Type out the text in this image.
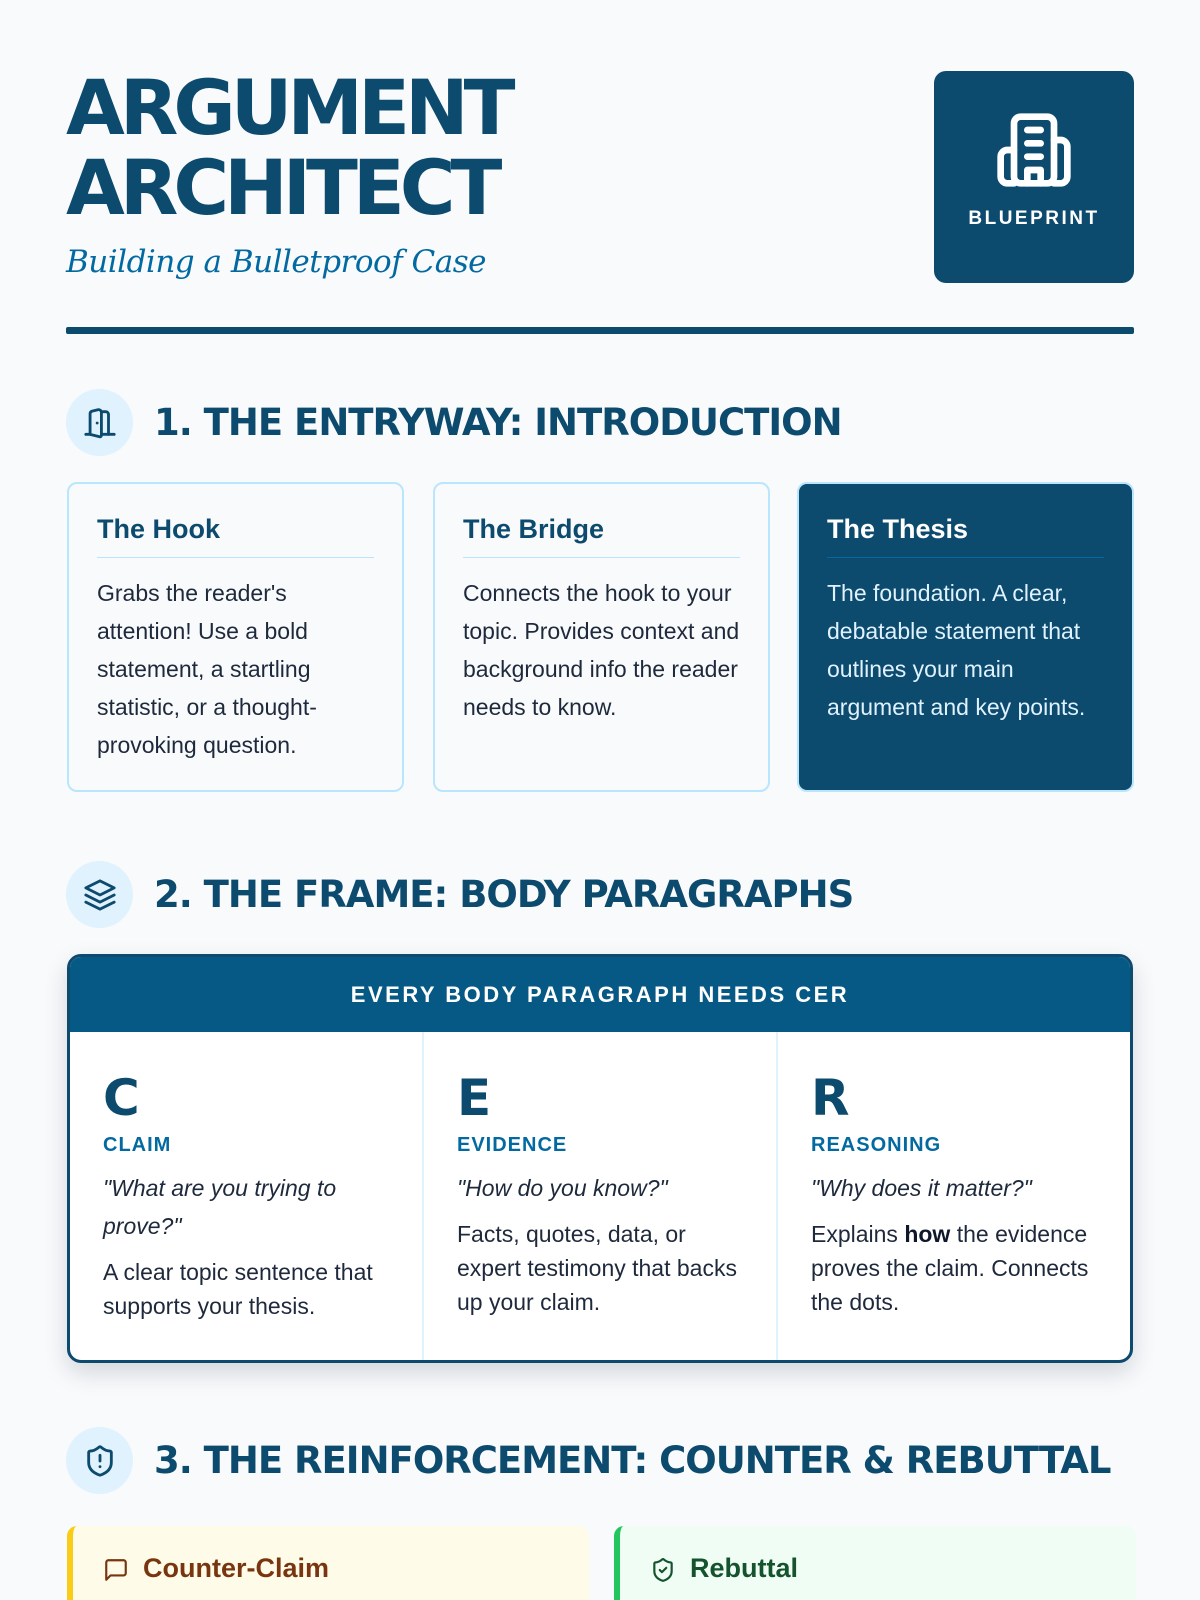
ARGUMENT
ARCHITECT
Building a Bulletproof Case
BLUEPRINT
1. THE ENTRYWAY: INTRODUCTION
The Hook
Grabs the reader's attention! Use a bold statement, a startling statistic, or a thought-provoking question.
The Bridge
Connects the hook to your topic. Provides context and background info the reader needs to know.
The Thesis
The foundation. A clear, debatable statement that outlines your main argument and key points.
2. THE FRAME: BODY PARAGRAPHS
EVERY BODY PARAGRAPH NEEDS CER
C
CLAIM
"What are you trying to prove?"
A clear topic sentence that supports your thesis.
E
EVIDENCE
"How do you know?"
Facts, quotes, data, or expert testimony that backs up your claim.
R
REASONING
"Why does it matter?"
Explains how the evidence proves the claim. Connects the dots.
3. THE REINFORCEMENT: COUNTER & REBUTTAL
Counter-Claim	Rebuttal
